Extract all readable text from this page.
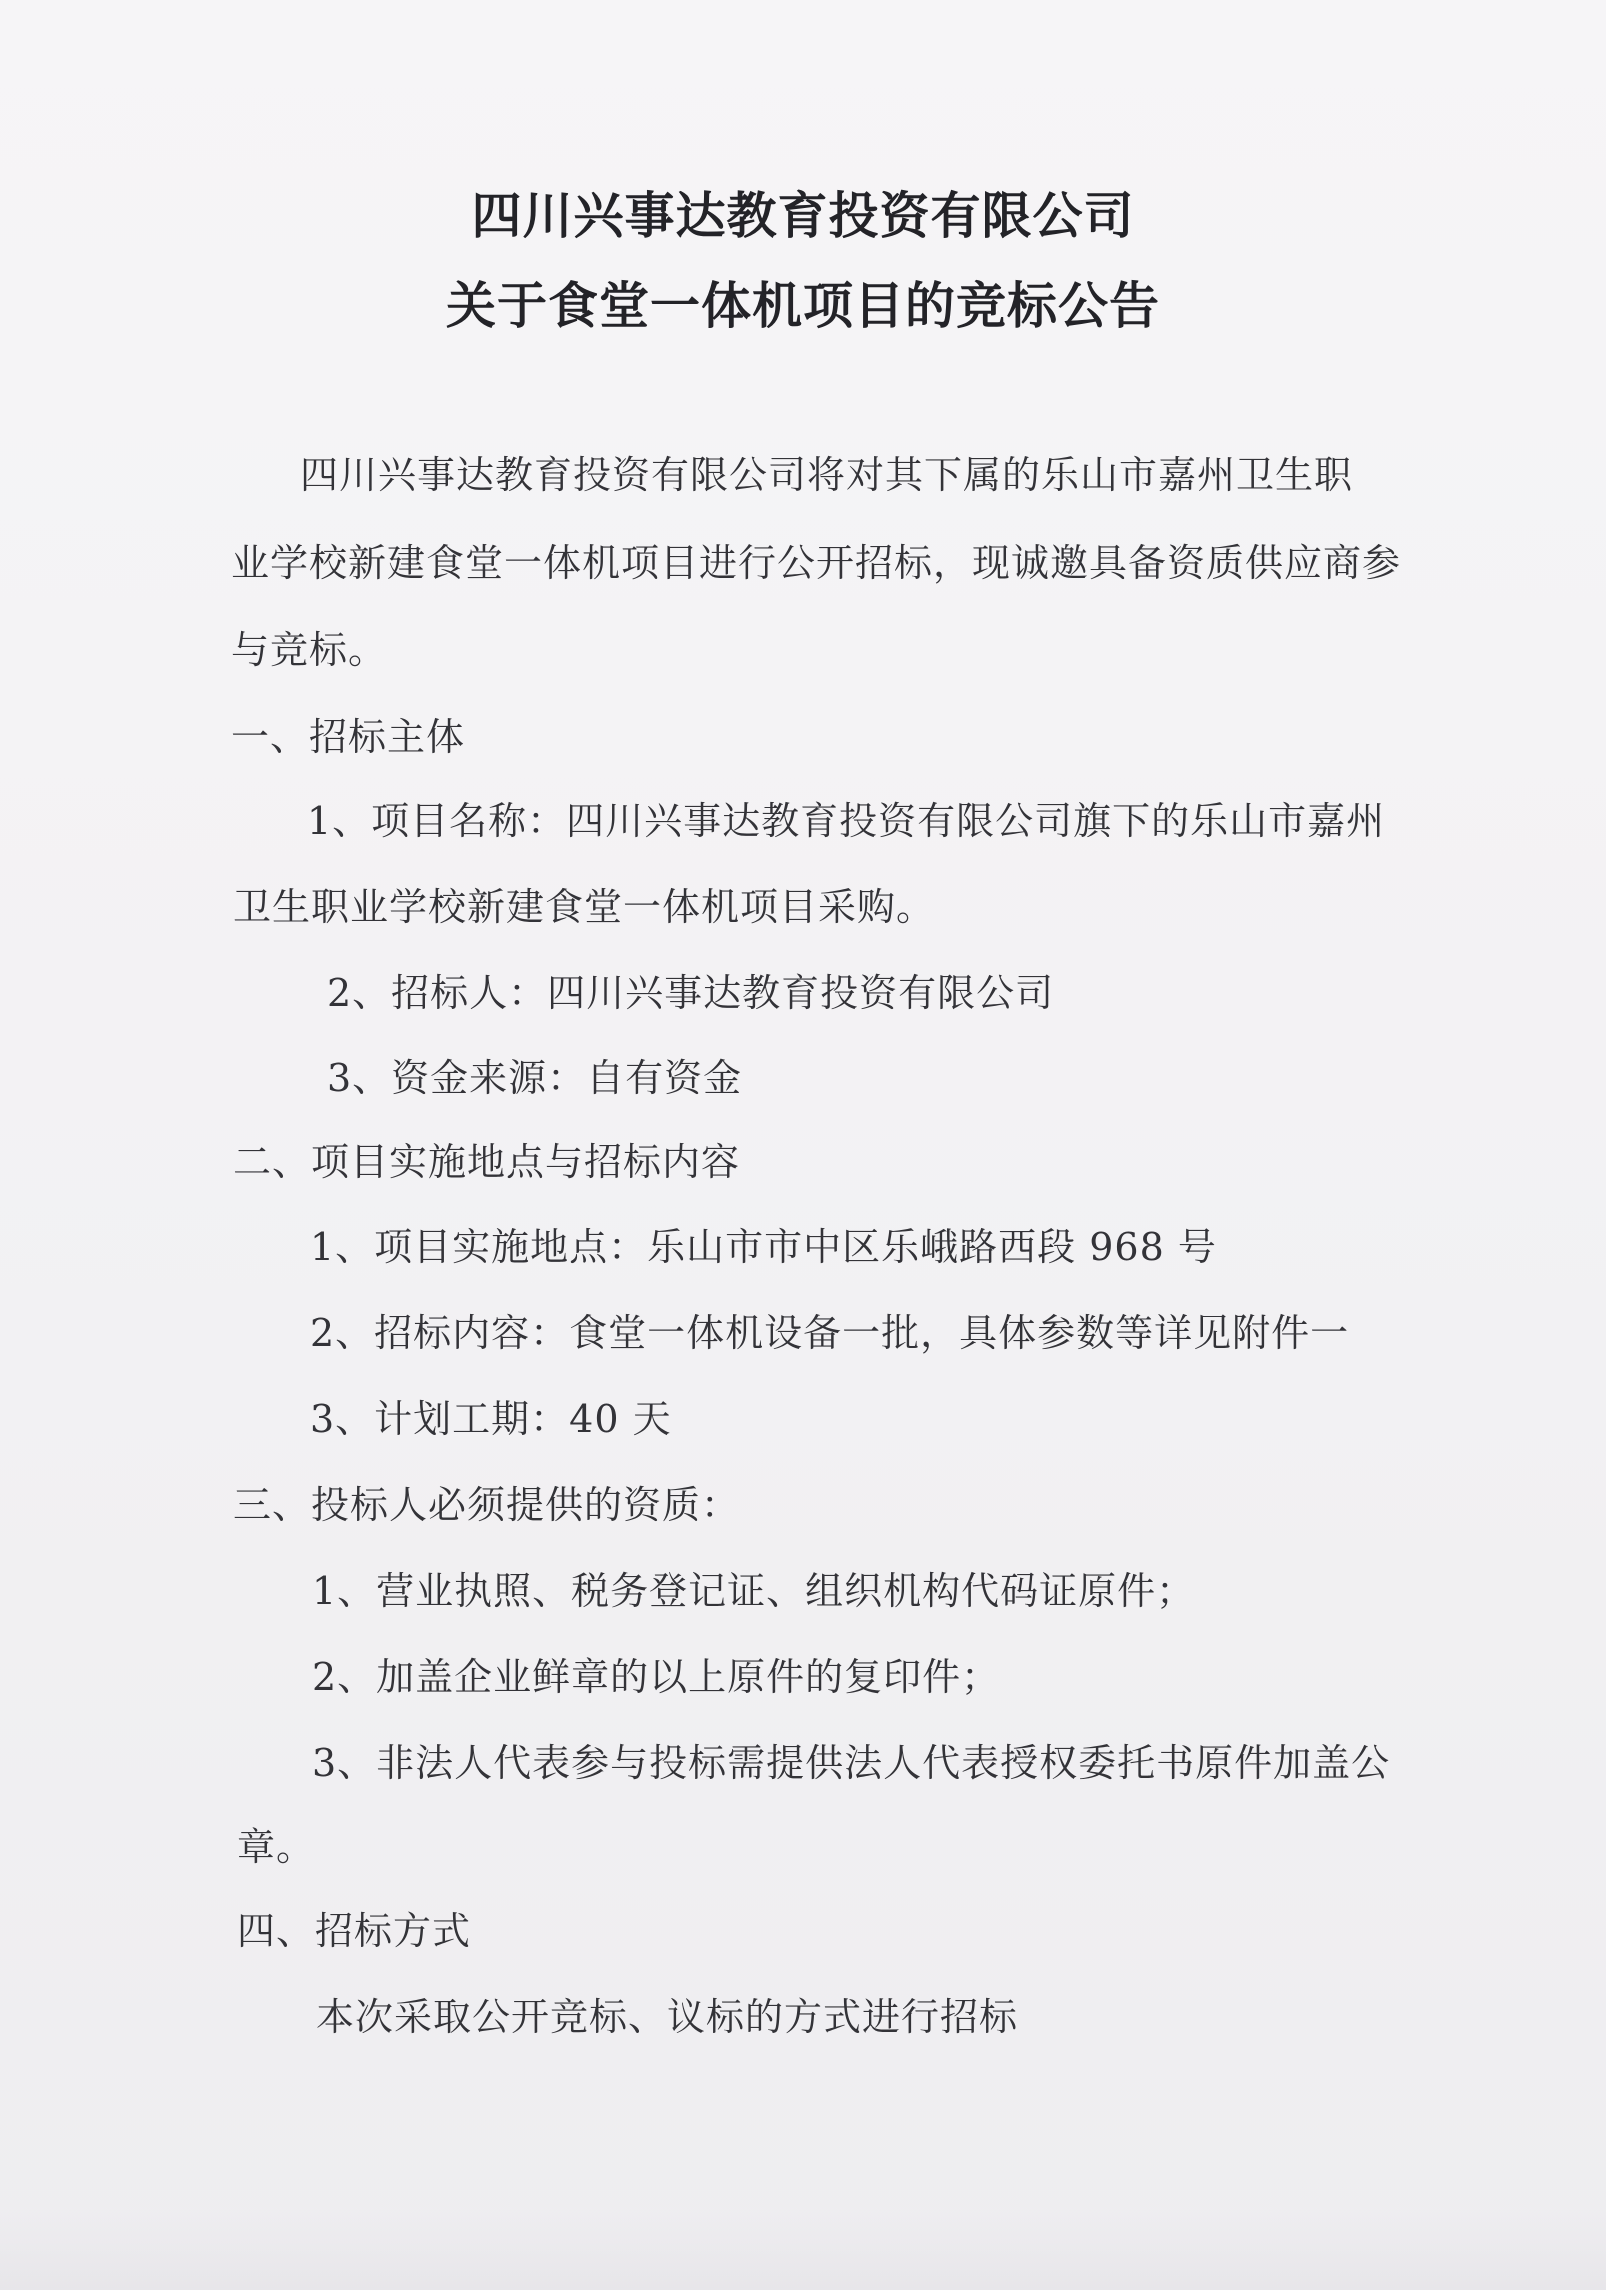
四川兴事达教育投资有限公司
关于食堂一体机项目的竞标公告
四川兴事达教育投资有限公司将对其下属的乐山市嘉州卫生职
业学校新建食堂一体机项目进行公开招标，现诚邀具备资质供应商参
与竞标。
一、招标主体
1、项目名称：四川兴事达教育投资有限公司旗下的乐山市嘉州
卫生职业学校新建食堂一体机项目采购。
2、招标人：四川兴事达教育投资有限公司
3、资金来源：自有资金
二、项目实施地点与招标内容
1、项目实施地点：乐山市市中区乐峨路西段 968 号
2、招标内容：食堂一体机设备一批，具体参数等详见附件一
3、计划工期：40 天
三、投标人必须提供的资质：
1、营业执照、税务登记证、组织机构代码证原件；
2、加盖企业鲜章的以上原件的复印件；
3、非法人代表参与投标需提供法人代表授权委托书原件加盖公
章。
四、招标方式
本次采取公开竞标、议标的方式进行招标
